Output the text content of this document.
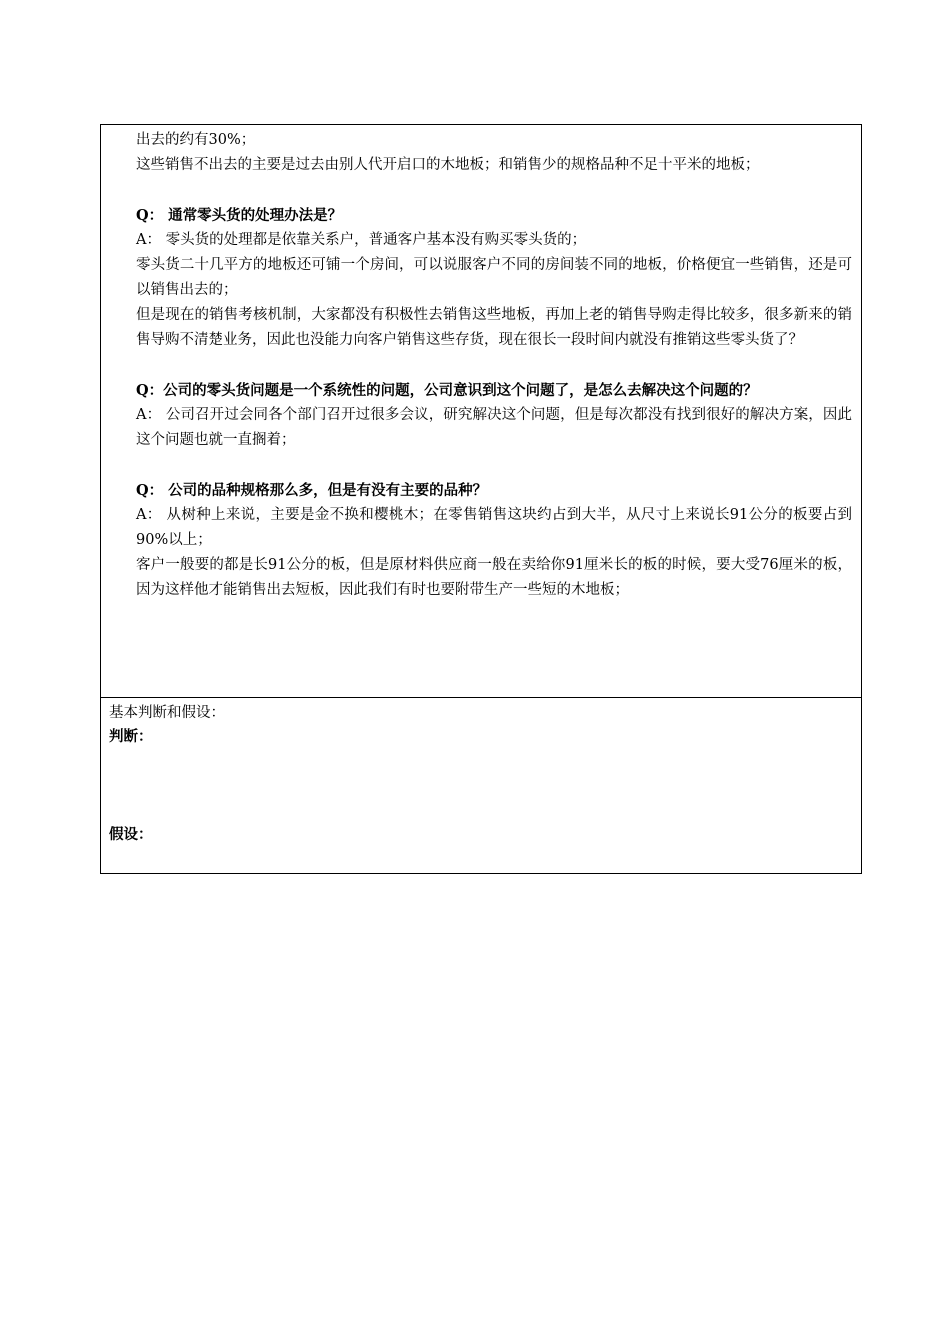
出去的约有30%；

这些销售不出去的主要是过去由别人代开启口的木地板；和销售少的规格品种不足十平米的地板；

Q： 通常零头货的处理办法是？

A： 零头货的处理都是依靠关系户，普通客户基本没有购买零头货的；

零头货二十几平方的地板还可铺一个房间，可以说服客户不同的房间装不同的地板，价格便宜一些销售，还是可以销售出去的；

但是现在的销售考核机制，大家都没有积极性去销售这些地板，再加上老的销售导购走得比较多，很多新来的销售导购不清楚业务，因此也没能力向客户销售这些存货，现在很长一段时间内就没有推销这些零头货了？

Q：公司的零头货问题是一个系统性的问题，公司意识到这个问题了，是怎么去解决这个问题的？

A： 公司召开过会同各个部门召开过很多会议，研究解决这个问题，但是每次都没有找到很好的解决方案，因此这个问题也就一直搁着；

Q： 公司的品种规格那么多，但是有没有主要的品种？

A： 从树种上来说，主要是金不换和樱桃木；在零售销售这块约占到大半，从尺寸上来说长91公分的板要占到90%以上；

客户一般要的都是长91公分的板，但是原材料供应商一般在卖给你91厘米长的板的时候，要大受76厘米的板，因为这样他才能销售出去短板，因此我们有时也要附带生产一些短的木地板；

基本判断和假设：

判断：

假设：
